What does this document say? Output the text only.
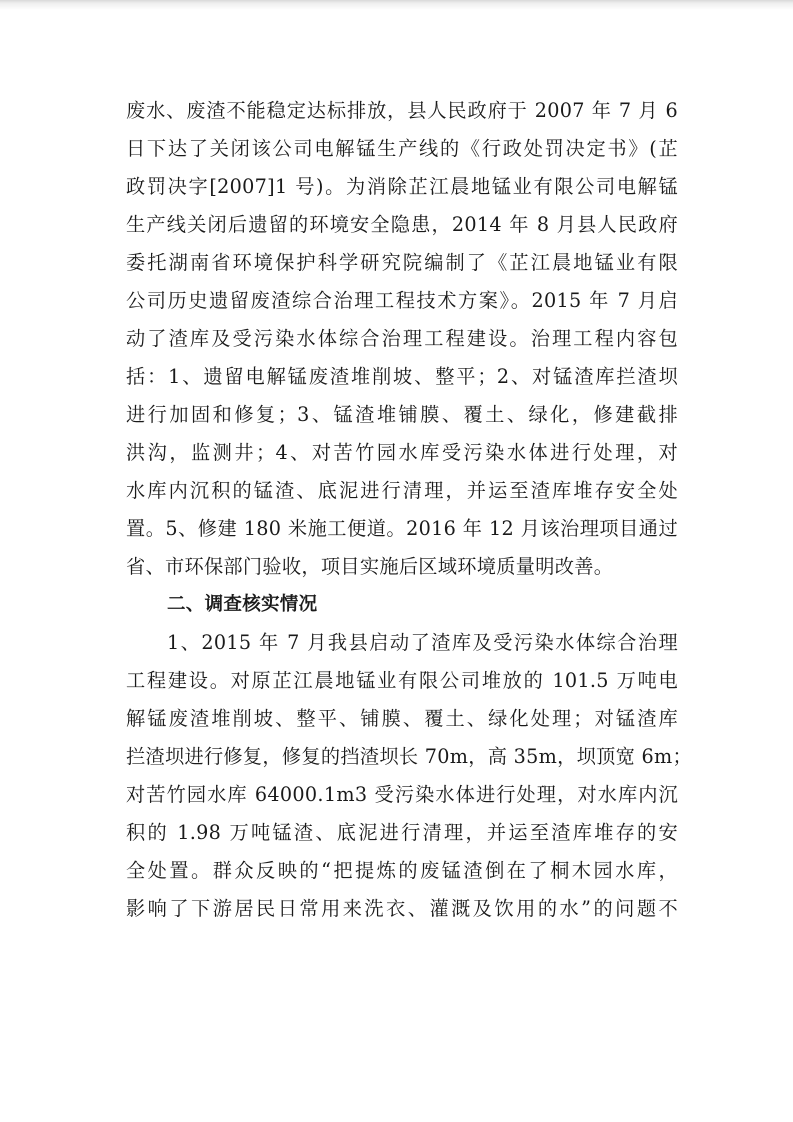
废水、废渣不能稳定达标排放，县人民政府于 2007 年 7 月 6
日下达了关闭该公司电解锰生产线的《行政处罚决定书》(芷
政罚决字[2007]1 号)。为消除芷江晨地锰业有限公司电解锰
生产线关闭后遗留的环境安全隐患，2014 年 8 月县人民政府
委托湖南省环境保护科学研究院编制了《芷江晨地锰业有限
公司历史遗留废渣综合治理工程技术方案》。2015 年 7 月启
动了渣库及受污染水体综合治理工程建设。治理工程内容包
括：1、遗留电解锰废渣堆削坡、整平；2、对锰渣库拦渣坝
进行加固和修复；3、锰渣堆铺膜、覆土、绿化，修建截排
洪沟，监测井；4、对苦竹园水库受污染水体进行处理，对
水库内沉积的锰渣、底泥进行清理，并运至渣库堆存安全处
置。5、修建 180 米施工便道。2016 年 12 月该治理项目通过
省、市环保部门验收，项目实施后区域环境质量明改善。
二、调查核实情况
1、2015 年 7 月我县启动了渣库及受污染水体综合治理
工程建设。对原芷江晨地锰业有限公司堆放的 101.5 万吨电
解锰废渣堆削坡、整平、铺膜、覆土、绿化处理；对锰渣库
拦渣坝进行修复，修复的挡渣坝长 70m，高 35m，坝顶宽 6m；
对苦竹园水库 64000.1m3 受污染水体进行处理，对水库内沉
积的 1.98 万吨锰渣、底泥进行清理，并运至渣库堆存的安
全处置。群众反映的“把提炼的废锰渣倒在了桐木园水库，
影响了下游居民日常用来洗衣、灌溉及饮用的水”的问题不
